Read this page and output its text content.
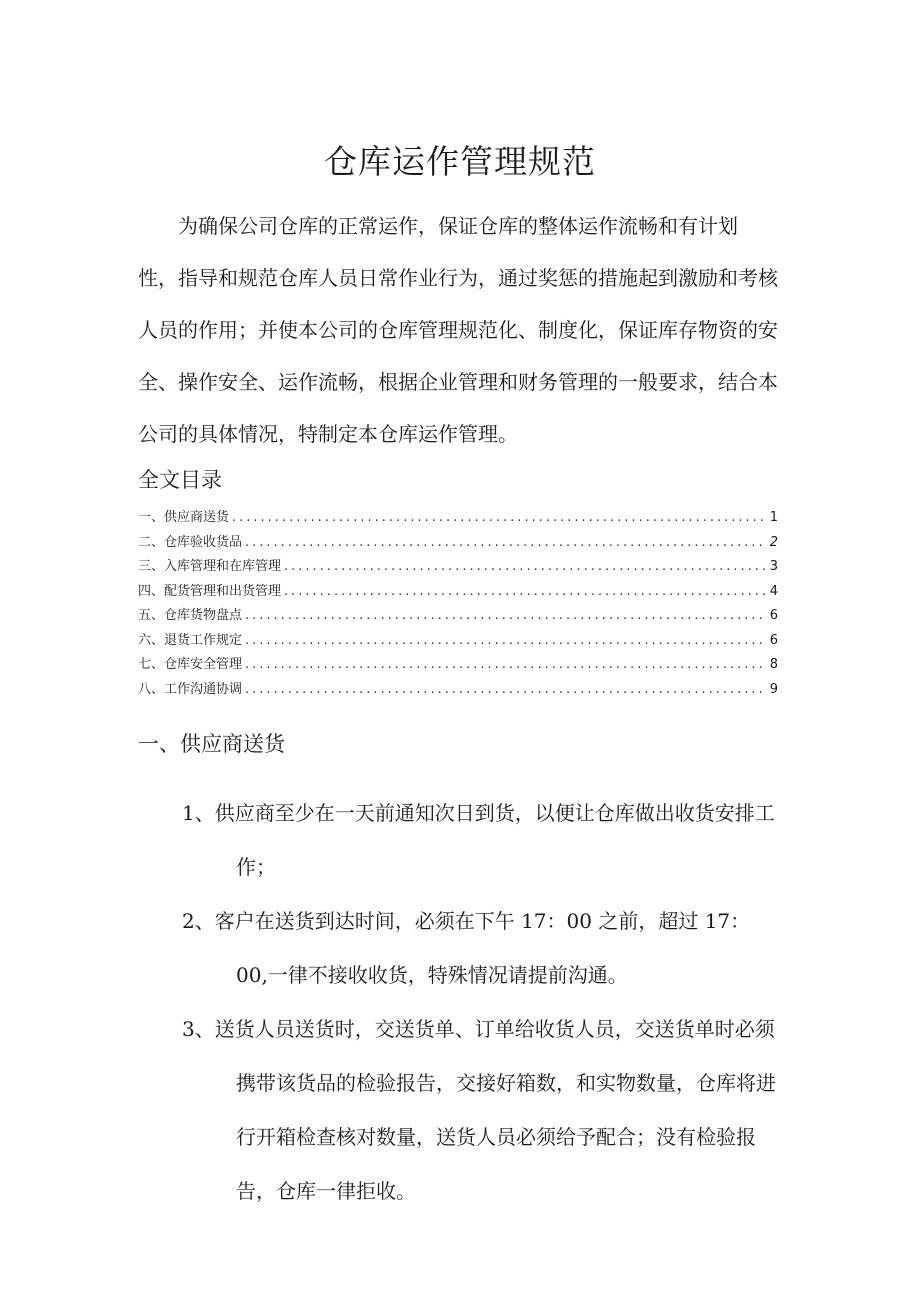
仓库运作管理规范
为确保公司仓库的正常运作，保证仓库的整体运作流畅和有计划
性，指导和规范仓库人员日常作业行为，通过奖惩的措施起到激励和考核
人员的作用；并使本公司的仓库管理规范化、制度化，保证库存物资的安
全、操作安全、运作流畅，根据企业管理和财务管理的一般要求，结合本
公司的具体情况，特制定本仓库运作管理。
全文目录
一、供应商送货 .....	1
二、仓库验收货品 .....	2
三、入库管理和在库管理 .....	3
四、配货管理和出货管理 .....	4
五、仓库货物盘点 .....	6
六、退货工作规定 .....	6
七、仓库安全管理 .....	8
八、工作沟通协调 .....	9
一、供应商送货
1、供应商至少在一天前通知次日到货，以便让仓库做出收货安排工
作；
2、客户在送货到达时间，必须在下午 17：00 之前，超过 17：
00,一律不接收收货，特殊情况请提前沟通。
3、送货人员送货时，交送货单、订单给收货人员，交送货单时必须
携带该货品的检验报告，交接好箱数，和实物数量，仓库将进
行开箱检查核对数量，送货人员必须给予配合；没有检验报
告，仓库一律拒收。
